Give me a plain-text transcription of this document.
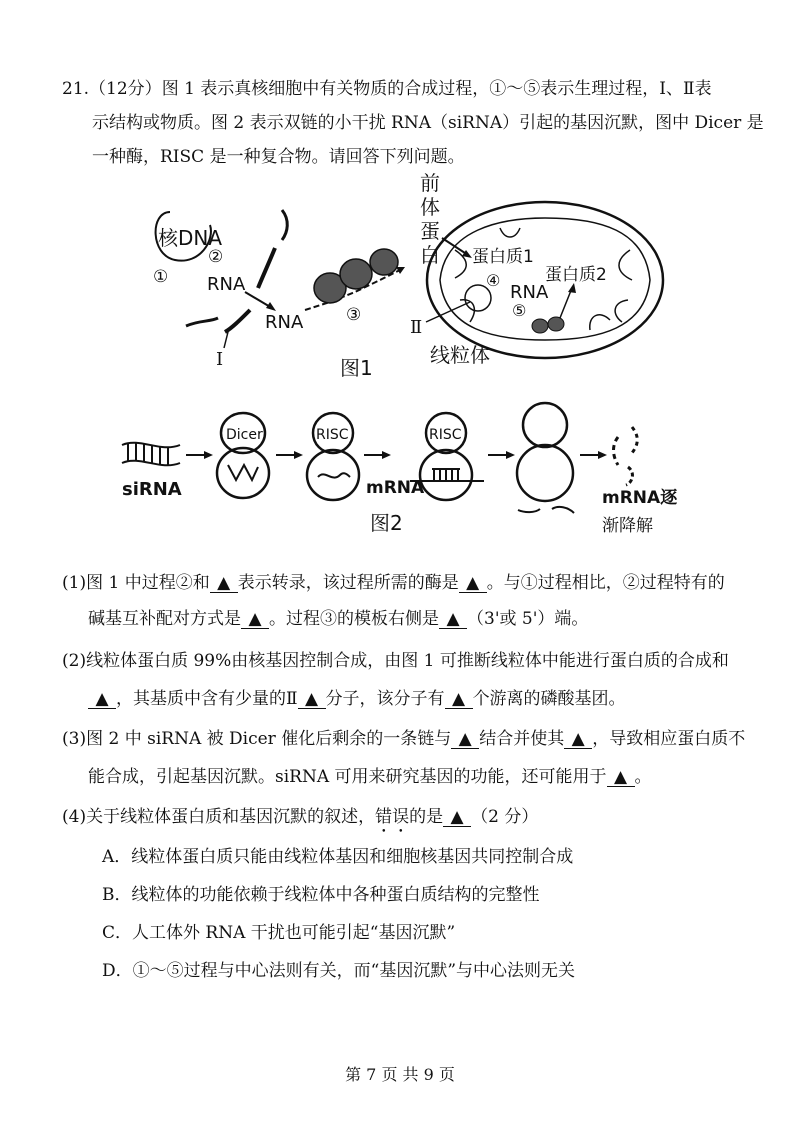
21.（12分）图 1 表示真核细胞中有关物质的合成过程，①～⑤表示生理过程，Ⅰ、Ⅱ表
示结构或物质。图 2 表示双链的小干扰 RNA（siRNA）引起的基因沉默，图中 Dicer 是
一种酶，RISC 是一种复合物。请回答下列问题。
核DNA
①
②
RNA
Ⅰ
RNA	③
前
体
蛋
白 蛋白质1
蛋白质2
④
RNA
⑤
Ⅱ
线粒体
图1
siRNA
Dicer	RISC
mRNA
RISC
图2
mRNA逐
渐降解
(1)图 1 中过程②和 ▲ 表示转录，该过程所需的酶是 ▲ 。与①过程相比，②过程特有的
碱基互补配对方式是 ▲ 。过程③的模板右侧是 ▲ （3'或 5'）端。
(2)线粒体蛋白质 99%由核基因控制合成，由图 1 可推断线粒体中能进行蛋白质的合成和
▲ ，其基质中含有少量的Ⅱ ▲ 分子，该分子有 ▲ 个游离的磷酸基团。
(3)图 2 中 siRNA 被 Dicer 催化后剩余的一条链与 ▲ 结合并使其 ▲ ，导致相应蛋白质不
能合成，引起基因沉默。siRNA 可用来研究基因的功能，还可能用于 ▲ 。
(4)关于线粒体蛋白质和基因沉默的叙述，错误的是 ▲ （2 分）
A．线粒体蛋白质只能由线粒体基因和细胞核基因共同控制合成
B．线粒体的功能依赖于线粒体中各种蛋白质结构的完整性
C．人工体外 RNA 干扰也可能引起“基因沉默”
D．①～⑤过程与中心法则有关，而“基因沉默”与中心法则无关
第 7 页 共 9 页
